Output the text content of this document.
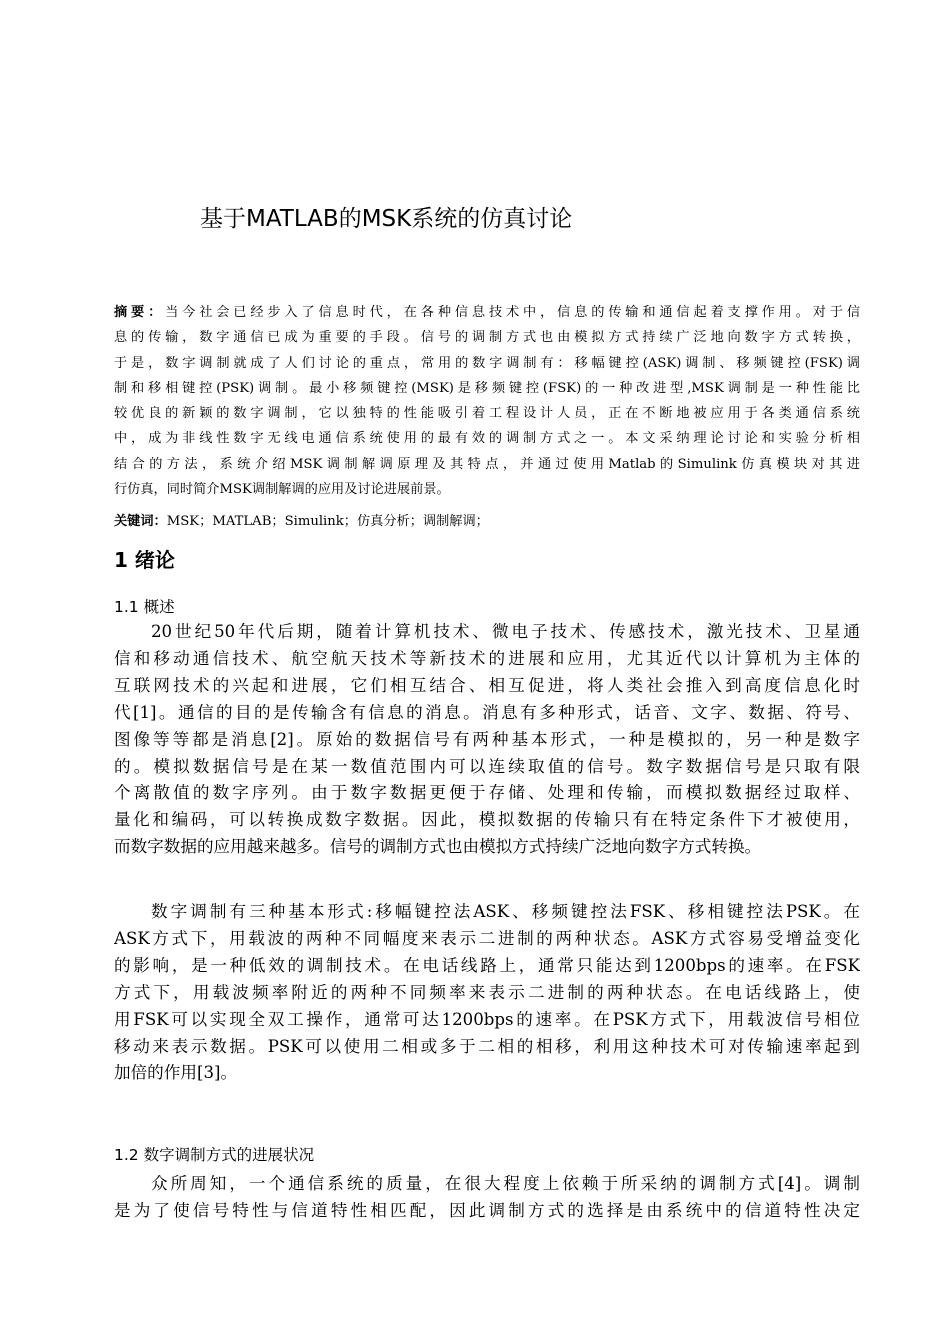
基于MATLAB的MSK系统的仿真讨论
摘要：当今社会已经步入了信息时代，在各种信息技术中，信息的传输和通信起着支撑作用。对于信
息的传输，数字通信已成为重要的手段。信号的调制方式也由模拟方式持续广泛地向数字方式转换，
于是，数字调制就成了人们讨论的重点，常用的数字调制有：移幅键控(ASK)调制、移频键控(FSK)调
制和移相键控(PSK)调制。最小移频键控(MSK)是移频键控(FSK)的一种改进型,MSK调制是一种性能比
较优良的新颖的数字调制，它以独特的性能吸引着工程设计人员，正在不断地被应用于各类通信系统
中，成为非线性数字无线电通信系统使用的最有效的调制方式之一。本文采纳理论讨论和实验分析相
结合的方法，系统介绍MSK调制解调原理及其特点，并通过使用Matlab的Simulink仿真模块对其进
行仿真，同时简介MSK调制解调的应用及讨论进展前景。
关键词：MSK；MATLAB；Simulink；仿真分析；调制解调；
1 绪论
1.1 概述
20世纪50年代后期，随着计算机技术、微电子技术、传感技术，激光技术、卫星通
信和移动通信技术、航空航天技术等新技术的进展和应用，尤其近代以计算机为主体的
互联网技术的兴起和进展，它们相互结合、相互促进，将人类社会推入到高度信息化时
代[1]。通信的目的是传输含有信息的消息。消息有多种形式，话音、文字、数据、符号、
图像等等都是消息[2]。原始的数据信号有两种基本形式，一种是模拟的，另一种是数字
的。模拟数据信号是在某一数值范围内可以连续取值的信号。数字数据信号是只取有限
个离散值的数字序列。由于数字数据更便于存储、处理和传输，而模拟数据经过取样、
量化和编码，可以转换成数字数据。因此，模拟数据的传输只有在特定条件下才被使用，
而数字数据的应用越来越多。信号的调制方式也由模拟方式持续广泛地向数字方式转换。
数字调制有三种基本形式:移幅键控法ASK、移频键控法FSK、移相键控法PSK。在
ASK方式下，用载波的两种不同幅度来表示二进制的两种状态。ASK方式容易受增益变化
的影响，是一种低效的调制技术。在电话线路上，通常只能达到1200bps的速率。在FSK
方式下，用载波频率附近的两种不同频率来表示二进制的两种状态。在电话线路上，使
用FSK可以实现全双工操作，通常可达1200bps的速率。在PSK方式下，用载波信号相位
移动来表示数据。PSK可以使用二相或多于二相的相移，利用这种技术可对传输速率起到
加倍的作用[3]。
1.2 数字调制方式的进展状况
众所周知，一个通信系统的质量，在很大程度上依赖于所采纳的调制方式[4]。调制
是为了使信号特性与信道特性相匹配，因此调制方式的选择是由系统中的信道特性决定
